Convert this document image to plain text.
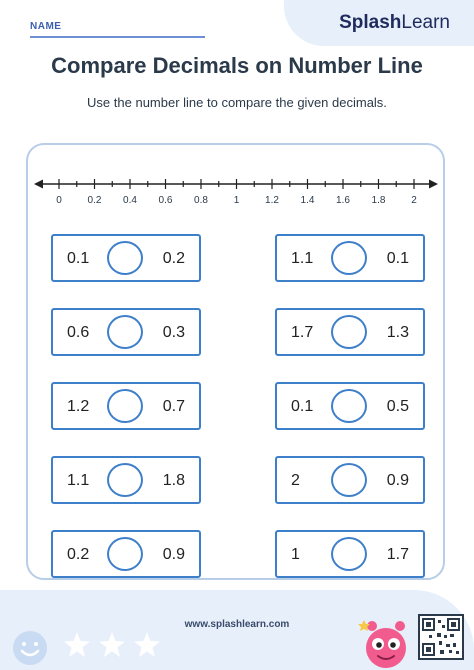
NAME	SplashLearn
Compare Decimals on Number Line
Use the number line to compare the given decimals.
0	0.2 0.4 0.6 0.8	1	1.2 1.4 1.6 1.8	2
0.1	0.2	1.1	0.1
0.6	0.3	1.7	1.3
1.2	0.7	0.1	0.5
1.1	1.8	2	0.9
0.2	0.9	1	1.7
www.splashlearn.com
